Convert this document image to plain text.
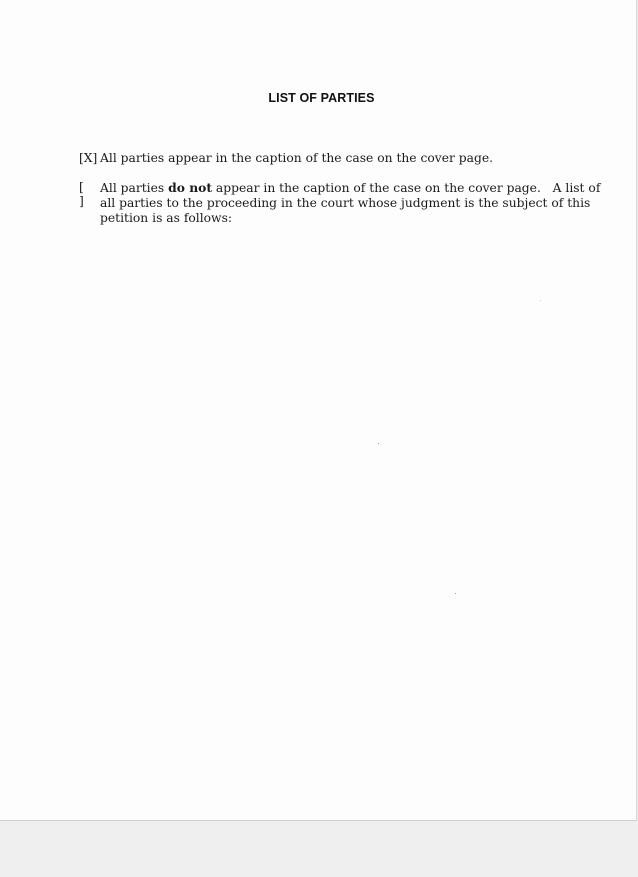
LIST OF PARTIES
[X] All parties appear in the caption of the case on the cover page.
[ ]
All parties do not appear in the caption of the case on the cover page.   A list of
all parties to the proceeding in the court whose judgment is the subject of this
petition is as follows:
